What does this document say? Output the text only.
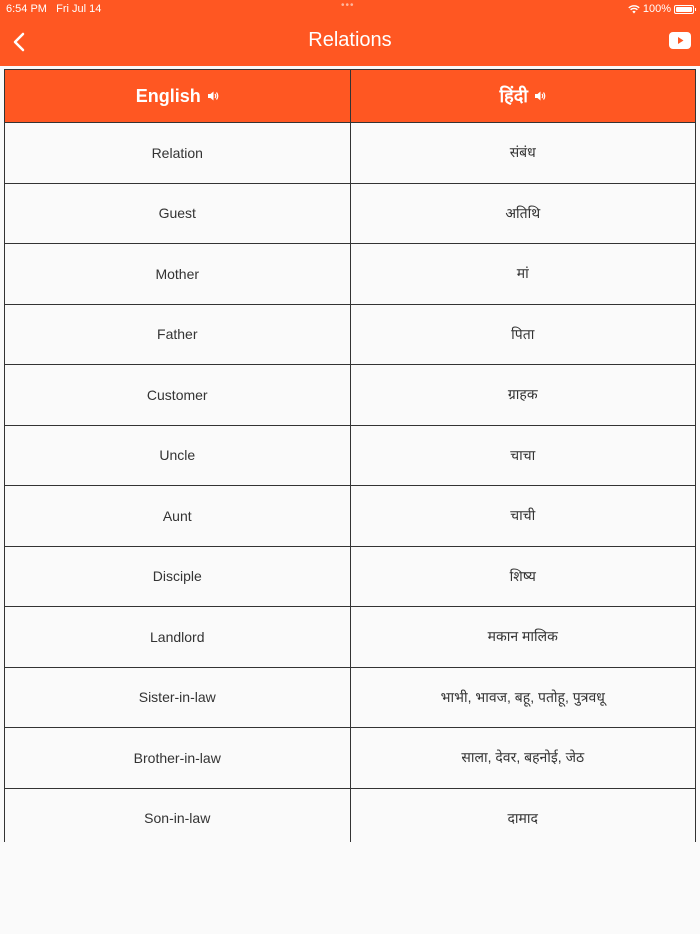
6:54 PM Fri Jul 14	•••	100%
Relations
English	हिंदी
Relation	संबंध
Guest	अतिथि
Mother	मां
Father	पिता
Customer	ग्राहक
Uncle	चाचा
Aunt	चाची
Disciple	शिष्य
Landlord	मकान मालिक
Sister-in-law	भाभी, भावज, बहू, पतोहू, पुत्रवधू
Brother-in-law	साला, देवर, बहनोई, जेठ
Son-in-law	दामाद
